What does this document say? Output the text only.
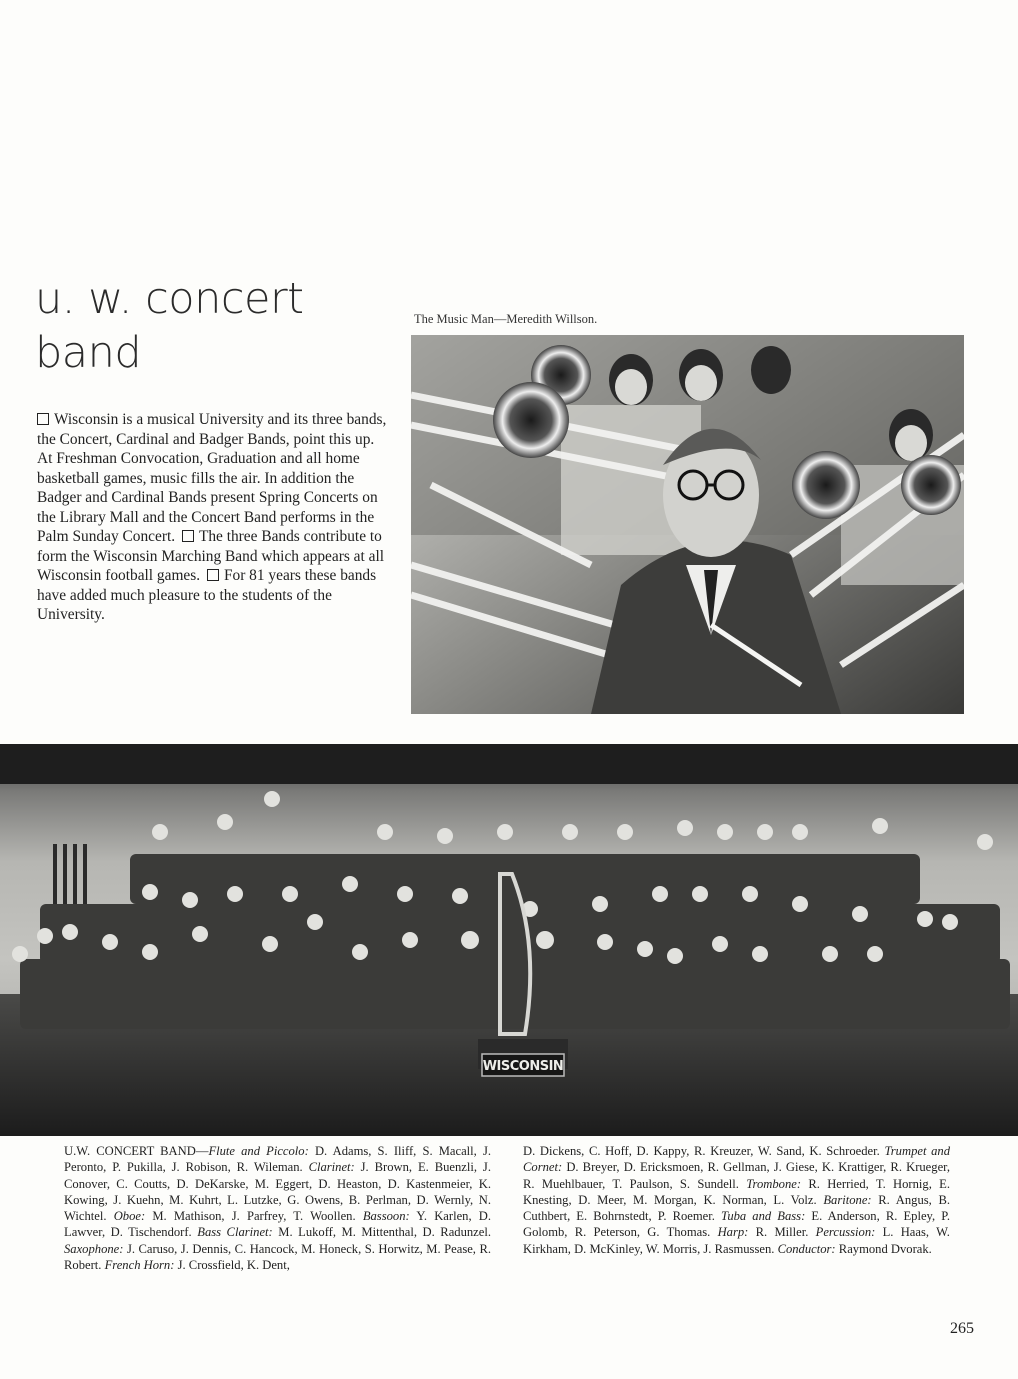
u. w. concert
band
Wisconsin is a musical University and its three bands, the Concert, Cardinal and Badger Bands, point this up. At Freshman Convocation, Graduation and all home basketball games, music fills the air. In addition the Badger and Cardinal Bands present Spring Concerts on the Library Mall and the Concert Band performs in the Palm Sunday Concert. The three Bands contribute to form the Wisconsin Marching Band which appears at all Wisconsin football games. For 81 years these bands have added much pleasure to the students of the University.
The Music Man—Meredith Willson.
WISCONSIN
U.W. CONCERT BAND—Flute and Piccolo: D. Adams, S. Iliff, S. Macall, J. Peronto, P. Pukilla, J. Robison, R. Wileman. Clarinet: J. Brown, E. Buenzli, J. Conover, C. Coutts, D. DeKarske, M. Eggert, D. Heaston, D. Kastenmeier, K. Kowing, J. Kuehn, M. Kuhrt, L. Lutzke, G. Owens, B. Perlman, D. Wernly, N. Wichtel. Oboe: M. Mathison, J. Parfrey, T. Woollen. Bassoon: Y. Karlen, D. Lawver, D. Tischendorf. Bass Clarinet: M. Lukoff, M. Mittenthal, D. Radunzel. Saxophone: J. Caruso, J. Dennis, C. Hancock, M. Honeck, S. Horwitz, M. Pease, R. Robert. French Horn: J. Crossfield, K. Dent,
D. Dickens, C. Hoff, D. Kappy, R. Kreuzer, W. Sand, K. Schroeder. Trumpet and Cornet: D. Breyer, D. Ericksmoen, R. Gellman, J. Giese, K. Krattiger, R. Krueger, R. Muehlbauer, T. Paulson, S. Sundell. Trombone: R. Herried, T. Hornig, E. Knesting, D. Meer, M. Morgan, K. Norman, L. Volz. Baritone: R. Angus, B. Cuthbert, E. Bohrnstedt, P. Roemer. Tuba and Bass: E. Anderson, R. Epley, P. Golomb, R. Peterson, G. Thomas. Harp: R. Miller. Percussion: L. Haas, W. Kirkham, D. McKinley, W. Morris, J. Rasmussen. Conductor: Raymond Dvorak.
265
